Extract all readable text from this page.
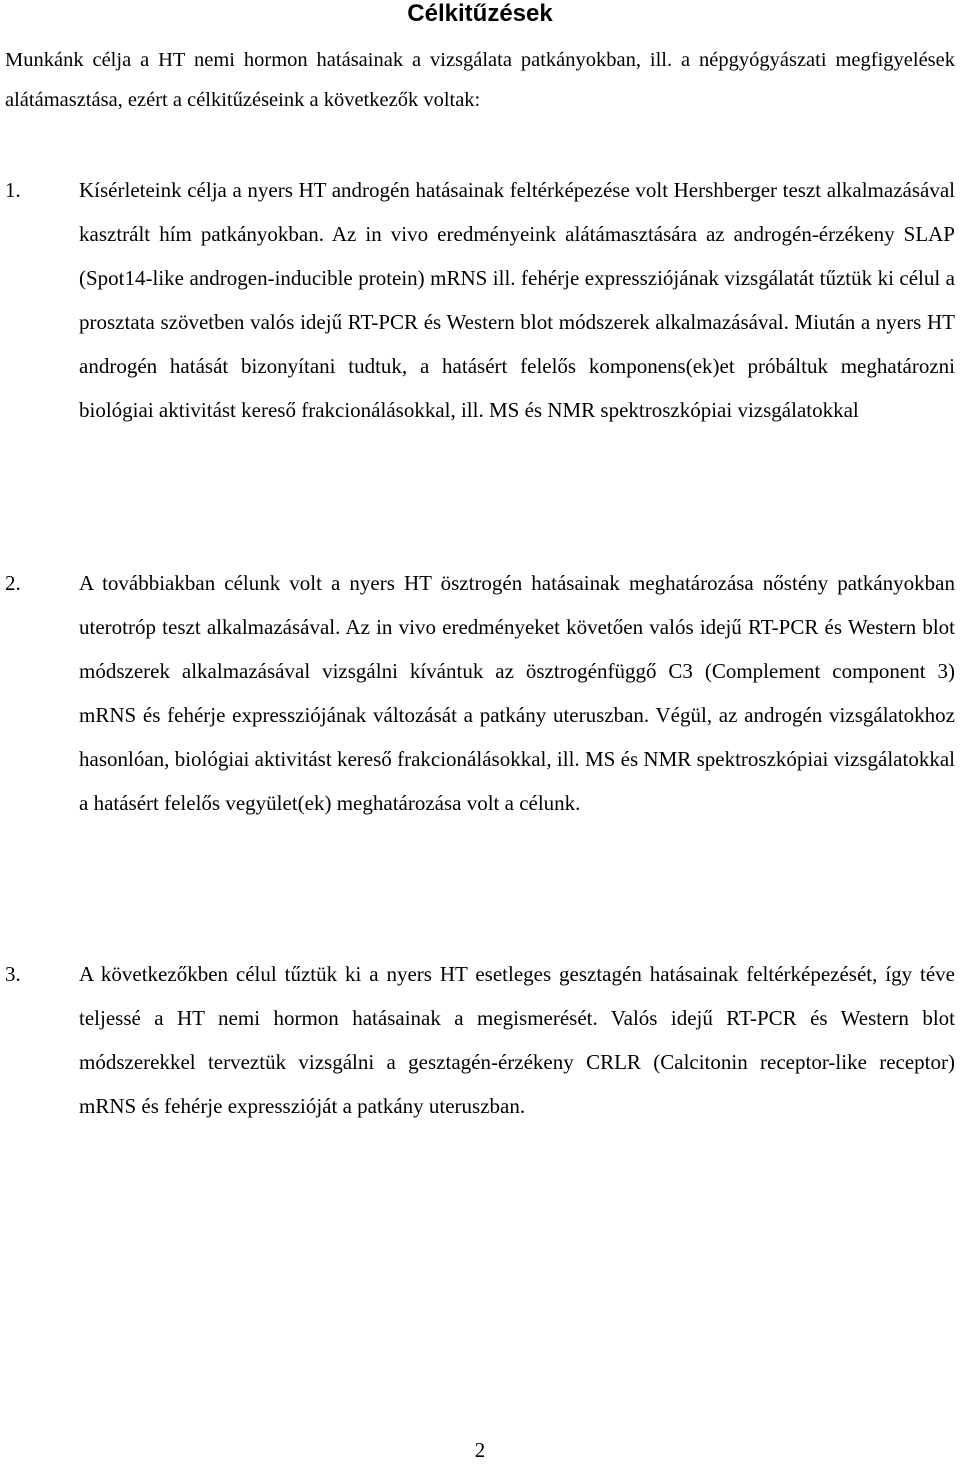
Célkitűzések
Munkánk célja a HT nemi hormon hatásainak a vizsgálata patkányokban, ill. a népgyógyászati megfigyelések alátámasztása, ezért a célkitűzéseink a következők voltak:
1.	Kísérleteink célja a nyers HT androgén hatásainak feltérképezése volt Hershberger teszt alkalmazásával kasztrált hím patkányokban. Az in vivo eredményeink alátámasztására az androgén-érzékeny SLAP (Spot14-like androgen-inducible protein) mRNS ill. fehérje expressziójának vizsgálatát tűztük ki célul a prosztata szövetben valós idejű RT-PCR és Western blot módszerek alkalmazásával. Miután a nyers HT androgén hatását bizonyítani tudtuk, a hatásért felelős komponens(ek)et próbáltuk meghatározni biológiai aktivitást kereső frakcionálásokkal, ill. MS és NMR spektroszkópiai vizsgálatokkal
2.	A továbbiakban célunk volt a nyers HT ösztrogén hatásainak meghatározása nőstény patkányokban uterotróp teszt alkalmazásával. Az in vivo eredményeket követően valós idejű RT-PCR és Western blot módszerek alkalmazásával vizsgálni kívántuk az ösztrogénfüggő C3 (Complement component 3) mRNS és fehérje expressziójának változását a patkány uteruszban. Végül, az androgén vizsgálatokhoz hasonlóan, biológiai aktivitást kereső frakcionálásokkal, ill. MS és NMR spektroszkópiai vizsgálatokkal a hatásért felelős vegyület(ek) meghatározása volt a célunk.
3.	A következőkben célul tűztük ki a nyers HT esetleges gesztagén hatásainak feltérképezését, így téve teljessé a HT nemi hormon hatásainak a megismerését. Valós idejű RT-PCR és Western blot módszerekkel terveztük vizsgálni a gesztagén-érzékeny CRLR (Calcitonin receptor-like receptor) mRNS és fehérje expresszióját a patkány uteruszban.
2
